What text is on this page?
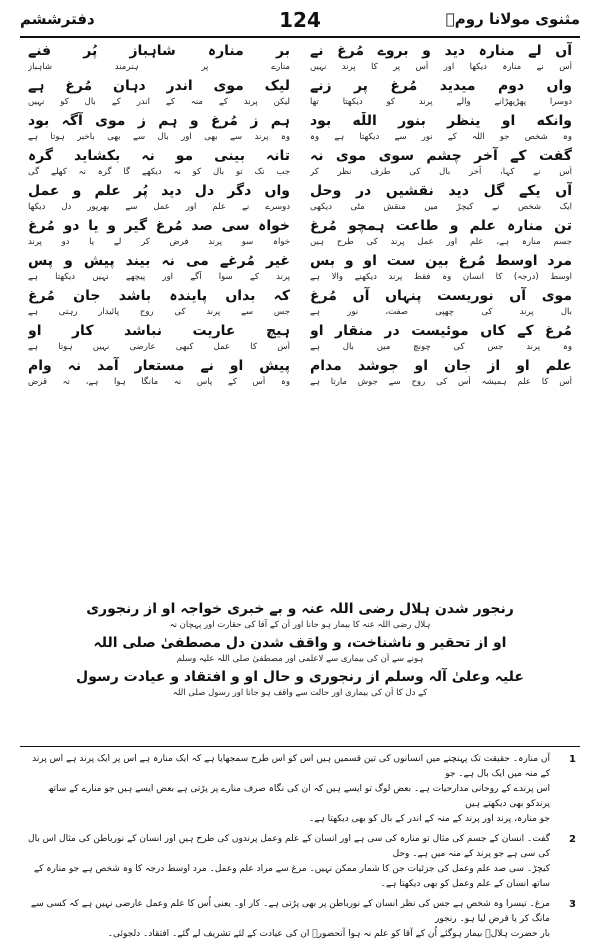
مثنوی مولانا رومؒ
124
دفترششم
آں لے منارہ دید و بروے مُرغ نے
اُس نے منارہ دیکھا اور اُس پر کا پرند نہیں
واں دوم میدید مُرغ پر زنے
دوسرا پھڑپھڑانے والے پرند کو دیکھتا تھا
وانکه او ینظر بنور اللّٰه بود
وہ شخص جو اللہ کے نور سے دیکھتا ہے وہ
گفت کے آخر چشم سوی موی نہ
اُس نے کہا، آخر بال کی طرف نظر کر
آں یکے گل دید نقشیں در وحل
ایک شخص نے کیچڑ میں منقش مٹی دیکھی
تن منارہ علم و طاعت ہمچو مُرغ
جسم منارہ ہے، علم اور عمل پرند کی طرح ہیں
مرد اوسط مُرغ بین ست او و بس
اوسط (درجہ) کا انسان وہ فقط پرند دیکھنے والا ہے
موی آں نوریست پنہاں آں مُرغ
بال پرند کی چھپی صفت، نور ہے
مُرغ کے کاں موئیست در منقار او
وہ پرند جس کی چونچ میں بال ہے
علم او از جان او جوشد مدام
اُس کا علم ہمیشہ اُس کی روح سے جوش مارتا ہے
بر منارہ شاہباز پُر فنے
منارے پر ہنرمند شاہباز
لیک موی اندر دہان مُرغ ہے
لیکن پرند کے منہ کے اندر کے بال کو نہیں
ہم ز مُرغ و ہم ز موی آگہ بود
وہ پرند سے بھی اور بال سے بھی باخبر ہوتا ہے
تانہ بینی مو نہ بکشاید گرہ
جب تک تو بال کو نہ دیکھے گا گرہ نہ کھلے گی
واں دگر دل دید پُر علم و عمل
دوسرے نے علم اور عمل سے بھرپور دل دیکھا
خواہ سی صد مُرغ گیر و یا دو مُرغ
خواہ سو پرند فرض کر لے یا دو پرند
غیر مُرغے می نہ بیند پیش و پس
پرند کے سوا آگے اور پیچھے نہیں دیکھتا ہے
کہ بداں پایندہ باشد جان مُرغ
جس سے پرند کی روح پائیدار رہتی ہے
ہیچ عاریت نباشد کار او
اُس کا عمل کبھی عارضی نہیں ہوتا ہے
پیش او نے مستعار آمد نہ وام
وہ اُس کے پاس نہ مانگا ہوا ہے، نہ قرض
رنجور شدن ہلال رضی اللہ عنہ و بے خبری خواجہ او از رنجوری
ہلال رضی اللہ عنہ کا بیمار ہو جانا اور اُن کے آقا کی حقارت اور پہچان نہ
او از تحقیر و ناشناخت، و واقف شدن دل مصطفیٰ صلی اللہ
ہونے سے اُن کی بیماری سے لاعلمی اور مصطفیٰ صلی اللہ علیہ وسلم
علیہ وعلیٰ آلہ وسلم از رنجوری و حال او و افتقاد و عیادت رسول
کے دل کا اُن کی بیماری اور حالت سے واقف ہو جانا اور رسول صلی اللہ
1
آں منارہ۔ حقیقت تک پہنچنے میں انسانوں کی تین قسمیں ہیں اس کو اس طرح سمجھایا ہے کہ ایک منارہ ہے اس پر ایک پرند ہے اس پرند کے منہ میں ایک بال ہے۔ جو
اس پرندے کے روحانی مدارحیات ہے۔ بعض لوگ تو ایسے ہیں کہ ان کی نگاہ صرف منارے پر پڑتی ہے بعض ایسے ہیں جو منارے کے ساتھ پرندکو بھی دیکھتے ہیں
جو منارہ، پرند اور پرند کے منہ کے اندر کے بال کو بھی دیکھتا ہے۔
2
گفت۔ انسان کے جسم کی مثال تو منارہ کی سی ہے اور انسان کے علم وعمل پرندوں کی طرح ہیں اور انسان کے نورباطن کی مثال اس بال کی سی ہے جو پرند کے منہ میں ہے۔ وحل
کیچڑ۔ سی صد علم وعمل کی جزئیات جن کا شمار ممکن نہیں۔ مرغ سے مراد علم وعمل۔ مرد اوسط درجہ کا وہ شخص ہے جو منارہ کے ساتھ انسان کے علم وعمل کو بھی دیکھتا ہے۔
3
مرغ۔ تیسرا وہ شخص ہے جس کی نظر انسان کے نورباطن پر بھی پڑتی ہے۔ کار او۔ یعنی اُس کا علم وعمل عارضی نہیں ہے کہ کسی سے مانگ کر یا قرض لیا ہو۔ رنجور
بار حضرت ہلالؓ بیمار ہوگئے اُن کے آقا کو علم نہ ہوا آنحضورؐ ان کی عیادت کے لئے تشریف لے گئے۔ افتقاد۔ دلجوئی۔
